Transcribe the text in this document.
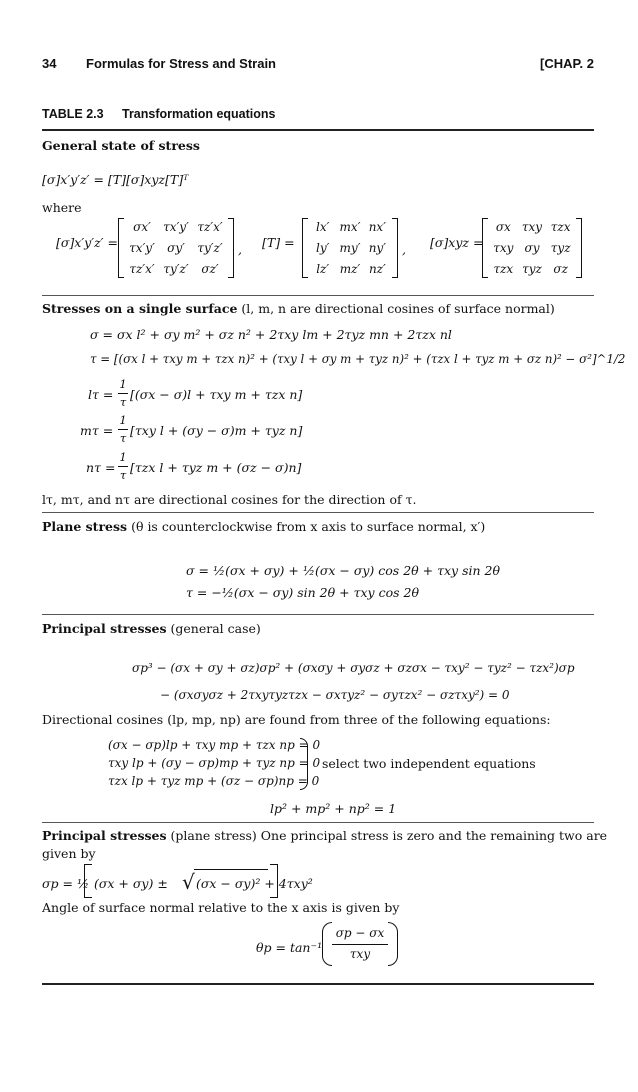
34 Formulas for Stress and Strain	[CHAP. 2
TABLE 2.3 Transformation equations
General state of stress
[σ]x′y′z′ = [T][σ]xyz[T]ᵀ
where
[σ]x′y′z′ =
σx′ τx′y′ τz′x′
τx′y′ σy′ τy′z′
τz′x′ τy′z′ σz′
, [T] =
lx′ mx′ nx′
ly′ my′ ny′
lz′ mz′ nz′
, [σ]xyz =
σx τxy τzx
τxy σy τyz
τzx τyz σz
Stresses on a single surface (l, m, n are directional cosines of surface normal)
σ = σx l² + σy m² + σz n² + 2τxy lm + 2τyz mn + 2τzx nl
τ = [(σx l + τxy m + τzx n)² + (τxy l + σy m + τyz n)² + (τzx l + τyz m + σz n)² − σ²]^1/2
lτ =
1
τ [(σx − σ)l + τxy m + τzx n]
mτ =
1
τ [τxy l + (σy − σ)m + τyz n]
nτ =
1
τ [τzx l + τyz m + (σz − σ)n]
lτ, mτ, and nτ are directional cosines for the direction of τ.
Plane stress (θ is counterclockwise from x axis to surface normal, x′)
σ = ½(σx + σy) + ½(σx − σy) cos 2θ + τxy sin 2θ
τ = −½(σx − σy) sin 2θ + τxy cos 2θ
Principal stresses (general case)
σp³ − (σx + σy + σz)σp² + (σxσy + σyσz + σzσx − τxy² − τyz² − τzx²)σp
− (σxσyσz + 2τxyτyzτzx − σxτyz² − σyτzx² − σzτxy²) = 0
Directional cosines (lp, mp, np) are found from three of the following equations:
(σx − σp)lp + τxy mp + τzx np = 0
τxy lp + (σy − σp)mp + τyz np = 0
τzx lp + τyz mp + (σz − σp)np = 0
select two independent equations
lp² + mp² + np² = 1
Principal stresses (plane stress) One principal stress is zero and the remaining two are
given by
σp = ½ (σx + σy) ± √ (σx − σy)² + 4τxy²
Angle of surface normal relative to the x axis is given by
θp = tan⁻¹
σp − σx
τxy
